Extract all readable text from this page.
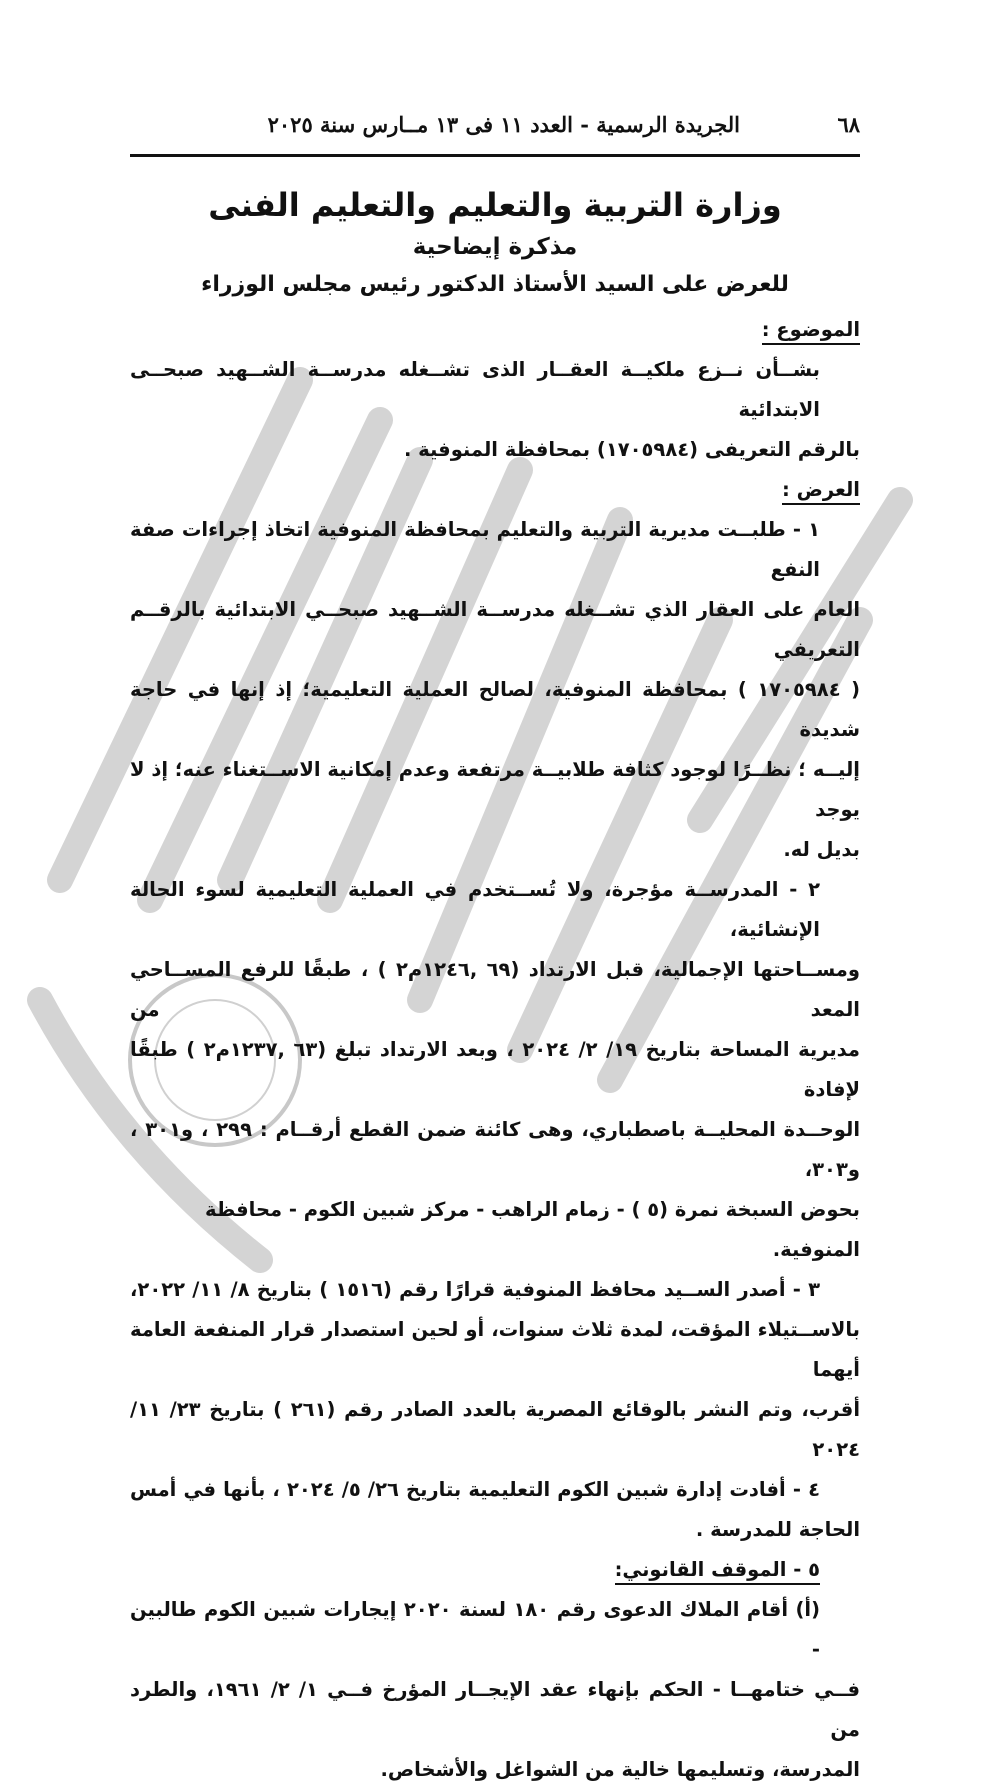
٦٨
الجريدة الرسمية - العدد ١١ فى ١٣ مــارس سنة ٢٠٢٥
وزارة التربية والتعليم والتعليم الفنى
مذكرة إيضاحية
للعرض على السيد الأستاذ الدكتور رئيس مجلس الوزراء
الموضوع :
بشــأن نــزع ملكيــة العقــار الذى تشــغله مدرســة الشــهيد صبحــى الابتدائية
بالرقم التعريفى (١٧٠٥٩٨٤) بمحافظة المنوفية .
العرض :
١ - طلبــت مديرية التربية والتعليم بمحافظة المنوفية اتخاذ إجراءات صفة النفع
العام على العقار الذي تشــغله مدرســة الشــهيد صبحــي الابتدائية بالرقــم التعريفي
( ١٧٠٥٩٨٤ ) بمحافظة المنوفية، لصالح العملية التعليمية؛ إذ إنها في حاجة شديدة
إليــه ؛ نظــرًا لوجود كثافة طلابيــة مرتفعة وعدم إمكانية الاســتغناء عنه؛ إذ لا يوجد
بديل له.
٢ - المدرســة مؤجرة، ولا تُســتخدم في العملية التعليمية لسوء الحالة الإنشائية،
ومســاحتها الإجمالية، قبل الارتداد (٦٩ ,١٢٤٦م٢ ) ، طبقًا للرفع المســاحي المعد من
مديرية المساحة بتاريخ ١٩/ ٢/ ٢٠٢٤ ، وبعد الارتداد تبلغ (٦٣ ,١٢٣٧م٢ ) طبقًا لإفادة
الوحــدة المحليــة باصطباري، وهى كائنة ضمن القطع أرقــام : ٢٩٩ ، و٣٠١ ، و٣٠٣،
بحوض السبخة نمرة (٥ ) - زمام الراهب - مركز شبين الكوم - محافظة المنوفية.
٣ - أصدر الســيد محافظ المنوفية قرارًا رقم (١٥١٦ ) بتاريخ ٨/ ١١/ ٢٠٢٢،
بالاســتيلاء المؤقت، لمدة ثلاث سنوات، أو لحين استصدار قرار المنفعة العامة أيهما
أقرب، وتم النشر بالوقائع المصرية بالعدد الصادر رقم (٢٦١ ) بتاريخ ٢٣/ ١١/ ٢٠٢٤
٤ - أفادت إدارة شبين الكوم التعليمية بتاريخ ٢٦/ ٥/ ٢٠٢٤ ، بأنها في أمس
الحاجة للمدرسة .
٥ - الموقف القانوني:
(أ) أقام الملاك الدعوى رقم ١٨٠ لسنة ٢٠٢٠ إيجارات شبين الكوم طالبين -
فــي ختامهــا - الحكم بإنهاء عقد الإيجــار المؤرخ فــي ١/ ٢/ ١٩٦١، والطرد من
المدرسة، وتسليمها خالية من الشواغل والأشخاص.
